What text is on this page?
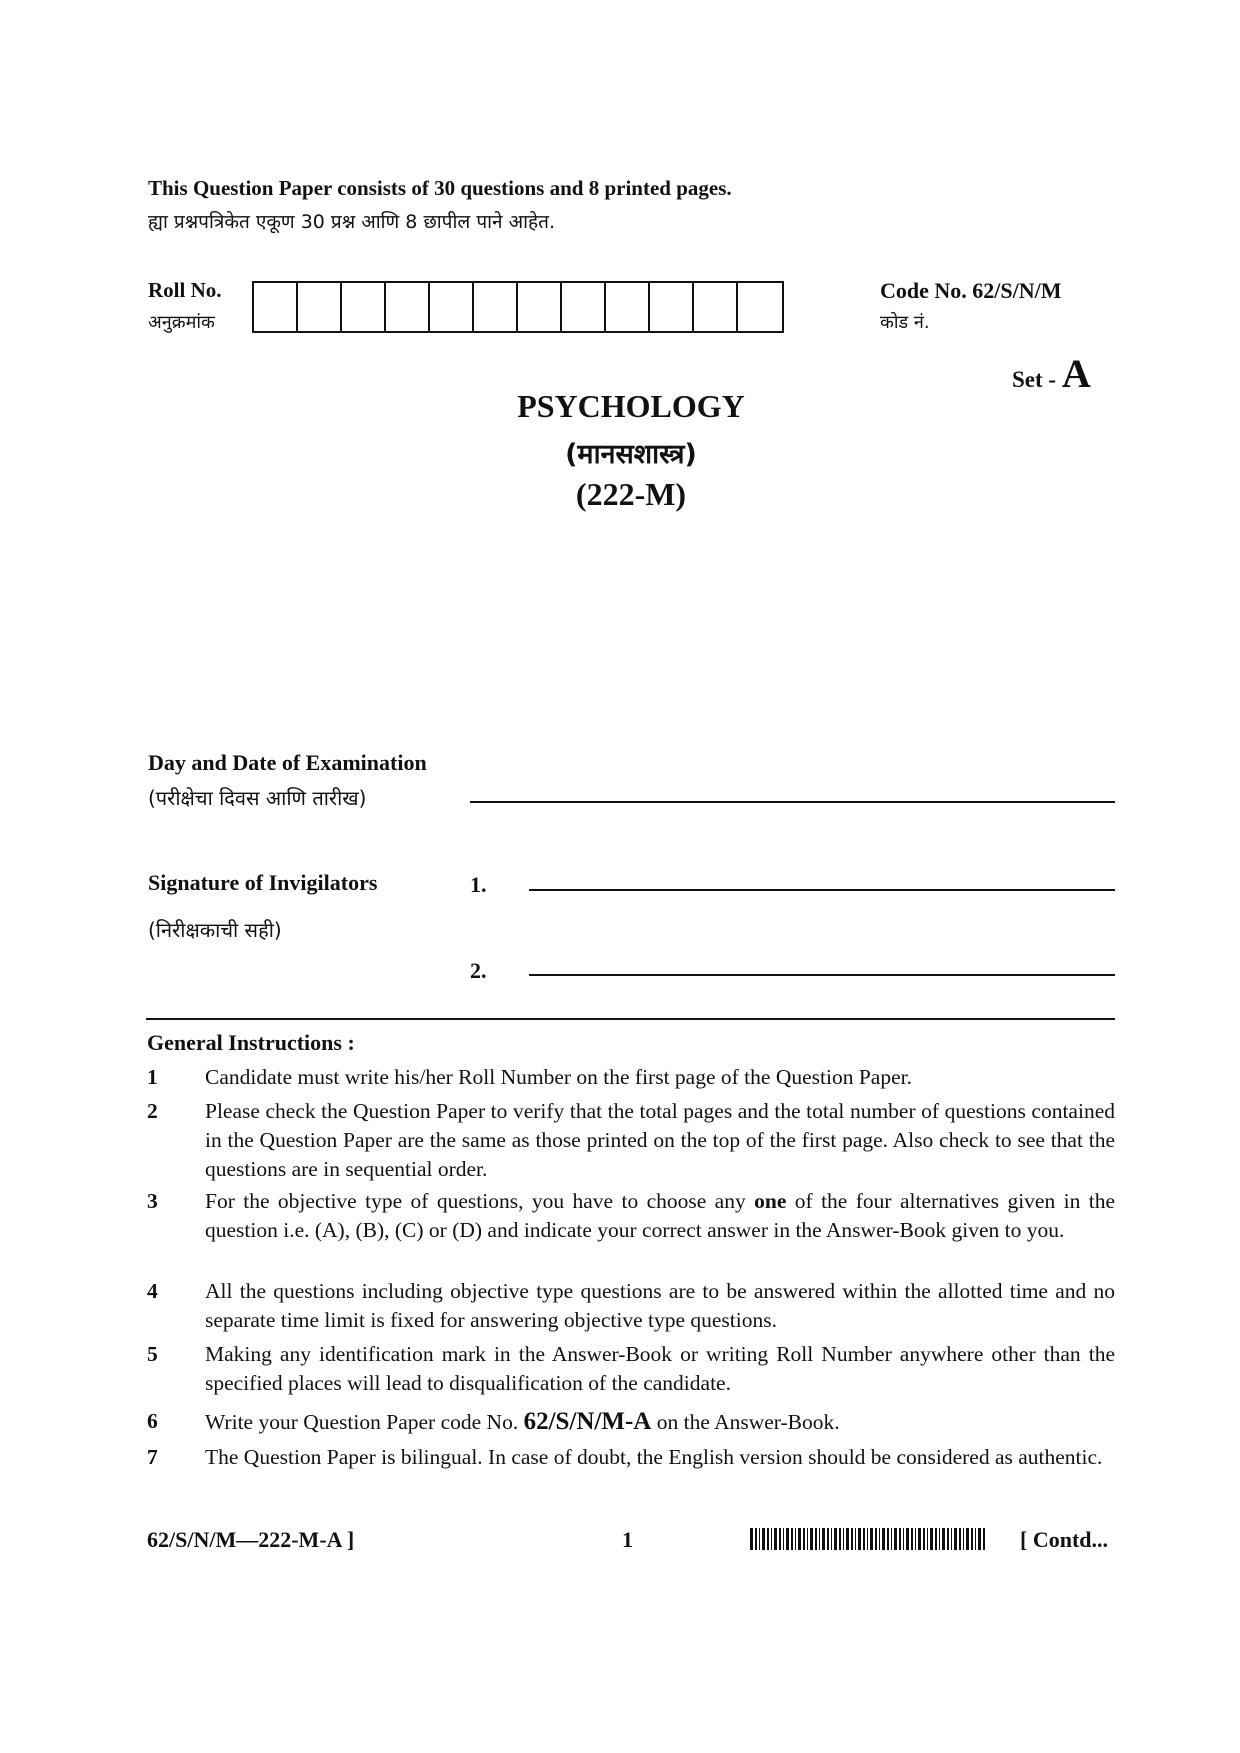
This Question Paper consists of 30 questions and 8 printed pages.
ह्या प्रश्नपत्रिकेत एकूण 30 प्रश्न आणि 8 छापील पाने आहेत.
Roll No.
अनुक्रमांक
Code No. 62/S/N/M
कोड नं.
Set - A
PSYCHOLOGY
(मानसशास्त्र)
(222-M)
Day and Date of Examination
(परीक्षेचा दिवस आणि तारीख)
Signature of Invigilators
(निरीक्षकाची सही)
1.
2.
General Instructions :
1 Candidate must write his/her Roll Number on the first page of the Question Paper.
2 Please check the Question Paper to verify that the total pages and the total number of questions contained in the Question Paper are the same as those printed on the top of the first page. Also check to see that the questions are in sequential order.
3 For the objective type of questions, you have to choose any one of the four alternatives given in the question i.e. (A), (B), (C) or (D) and indicate your correct answer in the Answer-Book given to you.
4 All the questions including objective type questions are to be answered within the allotted time and no separate time limit is fixed for answering objective type questions.
5 Making any identification mark in the Answer-Book or writing Roll Number anywhere other than the specified places will lead to disqualification of the candidate.
6 Write your Question Paper code No. 62/S/N/M-A on the Answer-Book.
7 The Question Paper is bilingual. In case of doubt, the English version should be considered as authentic.
62/S/N/M—222-M-A ]	1	[ Contd...
